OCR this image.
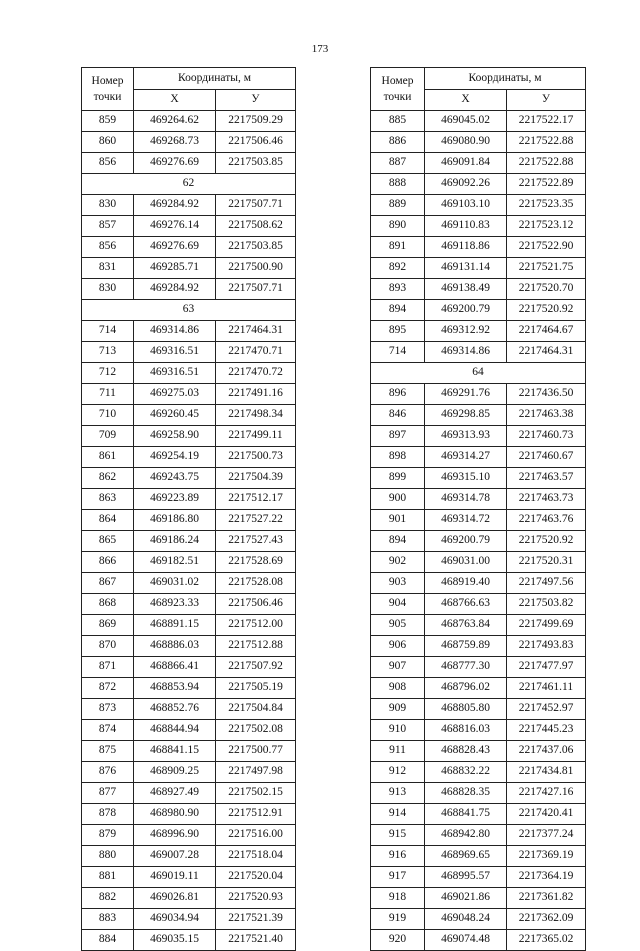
173
Номер
точки	Координаты, м	
	Х	У
859	469264.62	2217509.29
860	469268.73	2217506.46
856	469276.69	2217503.85
62		
830	469284.92	2217507.71
857	469276.14	2217508.62
856	469276.69	2217503.85
831	469285.71	2217500.90
830	469284.92	2217507.71
63		
714	469314.86	2217464.31
713	469316.51	2217470.71
712	469316.51	2217470.72
711	469275.03	2217491.16
710	469260.45	2217498.34
709	469258.90	2217499.11
861	469254.19	2217500.73
862	469243.75	2217504.39
863	469223.89	2217512.17
864	469186.80	2217527.22
865	469186.24	2217527.43
866	469182.51	2217528.69
867	469031.02	2217528.08
868	468923.33	2217506.46
869	468891.15	2217512.00
870	468886.03	2217512.88
871	468866.41	2217507.92
872	468853.94	2217505.19
873	468852.76	2217504.84
874	468844.94	2217502.08
875	468841.15	2217500.77
876	468909.25	2217497.98
877	468927.49	2217502.15
878	468980.90	2217512.91
879	468996.90	2217516.00
880	469007.28	2217518.04
881	469019.11	2217520.04
882	469026.81	2217520.93
883	469034.94	2217521.39
884	469035.15	2217521.40
Номер
точки	Координаты, м	
	Х	У
885	469045.02	2217522.17
886	469080.90	2217522.88
887	469091.84	2217522.88
888	469092.26	2217522.89
889	469103.10	2217523.35
890	469110.83	2217523.12
891	469118.86	2217522.90
892	469131.14	2217521.75
893	469138.49	2217520.70
894	469200.79	2217520.92
895	469312.92	2217464.67
714	469314.86	2217464.31
64		
896	469291.76	2217436.50
846	469298.85	2217463.38
897	469313.93	2217460.73
898	469314.27	2217460.67
899	469315.10	2217463.57
900	469314.78	2217463.73
901	469314.72	2217463.76
894	469200.79	2217520.92
902	469031.00	2217520.31
903	468919.40	2217497.56
904	468766.63	2217503.82
905	468763.84	2217499.69
906	468759.89	2217493.83
907	468777.30	2217477.97
908	468796.02	2217461.11
909	468805.80	2217452.97
910	468816.03	2217445.23
911	468828.43	2217437.06
912	468832.22	2217434.81
913	468828.35	2217427.16
914	468841.75	2217420.41
915	468942.80	2217377.24
916	468969.65	2217369.19
917	468995.57	2217364.19
918	469021.86	2217361.82
919	469048.24	2217362.09
920	469074.48	2217365.02
